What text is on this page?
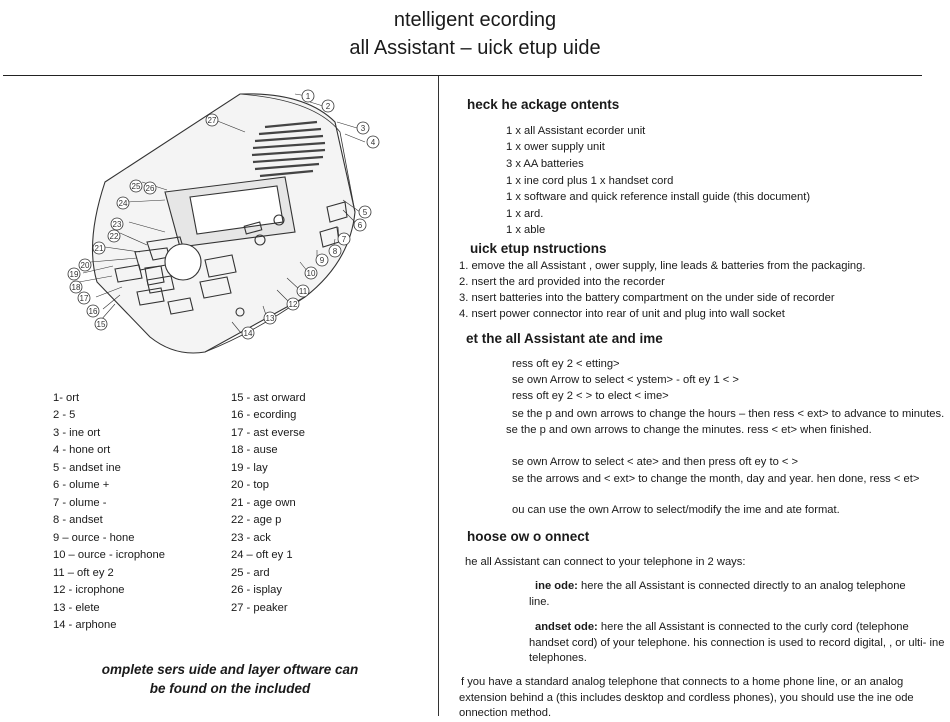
ntelligent ecording
all Assistant – uick etup uide
1
2
3
4
5
6
7
8
9
10
11
12
13
14
15
16
17
18
19
20
21
22
23
24
25 26
27
1- ort
2 - 5
3 - ine ort
4 - hone ort
5 - andset ine
6 - olume +
7 - olume -
8 - andset
9 – ource - hone
10 – ource - icrophone
11 – oft ey 2
12 - icrophone
13 - elete
14 - arphone
15 - ast orward
16 - ecording
17 - ast everse
18 - ause
19 - lay
20 - top
21 - age own
22 - age p
23 - ack
24 – oft ey 1
25 - ard
26 - isplay
27 - peaker
omplete sers uide and layer oftware can
be found on the included
heck he ackage ontents
1 x all Assistant ecorder unit
1 x ower supply unit
3 x AA batteries
1 x ine cord plus 1 x handset cord
1 x software and quick reference install guide (this document)
1 x ard.
1 x able
uick etup nstructions
1. emove the all Assistant , ower supply, line leads & batteries from the packaging.
2. nsert the ard provided into the recorder
3. nsert batteries into the battery compartment on the under side of recorder
4. nsert power connector into rear of unit and plug into wall socket
et the all Assistant ate and ime
ress oft ey 2 < etting>
se own Arrow to select < ystem> - oft ey 1 < >
ress oft ey 2 < > to elect < ime>
se the p and own arrows to change the hours – then ress < ext> to advance to minutes. se the p and own arrows to change the minutes. ress < et> when finished.
se own Arrow to select < ate> and then press oft ey to < >
se the arrows and < ext> to change the month, day and year. hen done, ress < et>
ou can use the own Arrow to select/modify the ime and ate format.
hoose ow o onnect
he all Assistant can connect to your telephone in 2 ways:
ine ode: here the all Assistant is connected directly to an analog telephone line.
andset ode: here the all Assistant is connected to the curly cord (telephone handset cord) of your telephone. his connection is used to record digital, , or ulti- ine telephones.
f you have a standard analog telephone that connects to a home phone line, or an analog extension behind a (this includes desktop and cordless phones), you should use the ine ode onnection method.
